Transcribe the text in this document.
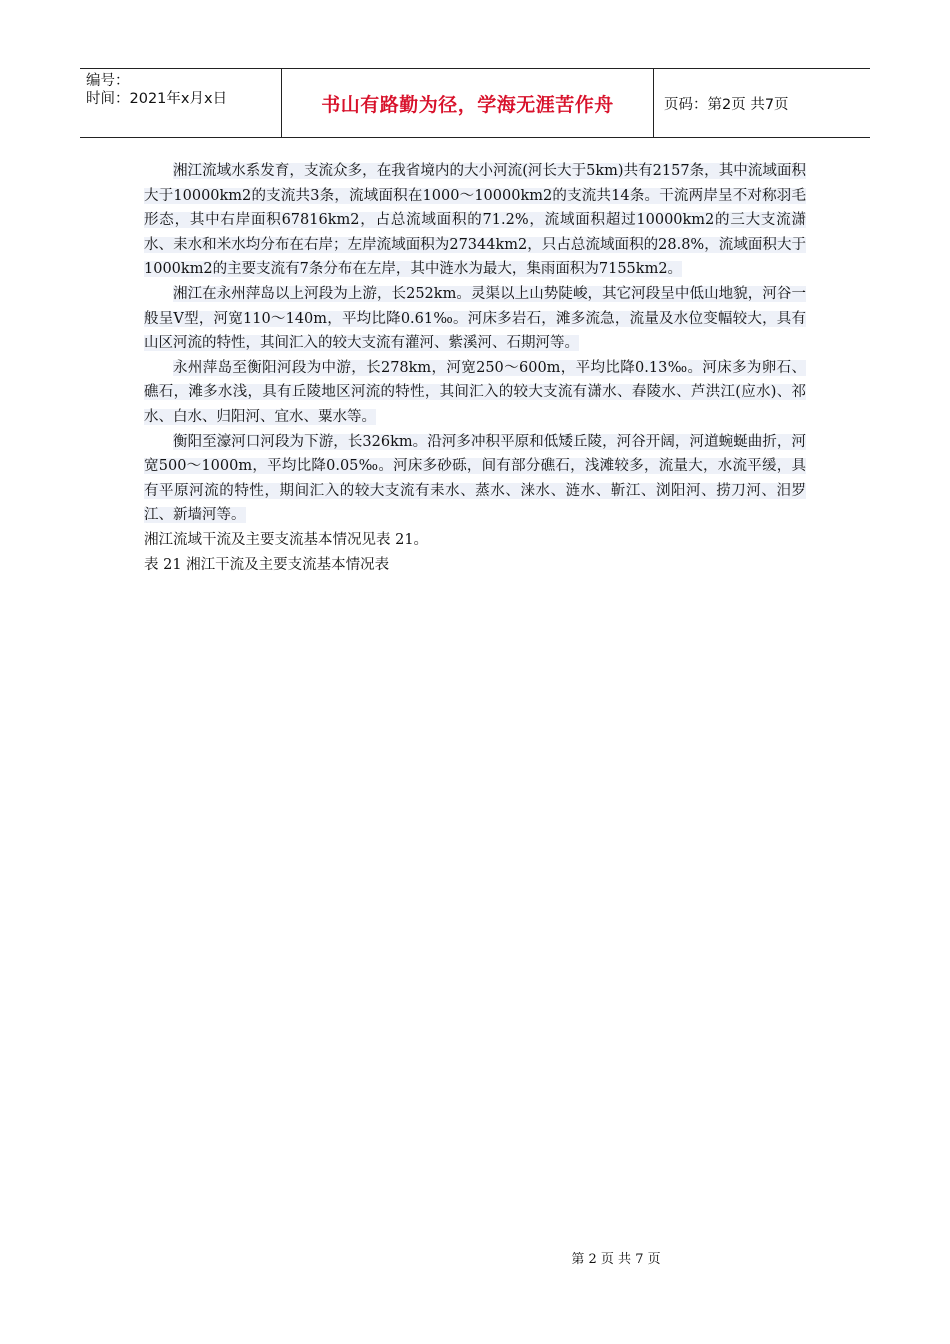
编号：
时间：2021年x月x日	书山有路勤为径，学海无涯苦作舟	页码：第2页 共7页

湘江流域水系发育，支流众多，在我省境内的大小河流(河长大于5km)共有2157条，其中流域面积大于10000km2的支流共3条，流域面积在1000～10000km2的支流共14条。干流两岸呈不对称羽毛形态，其中右岸面积67816km2，占总流域面积的71.2%，流域面积超过10000km2的三大支流潇水、耒水和米水均分布在右岸；左岸流域面积为27344km2，只占总流域面积的28.8%，流域面积大于1000km2的主要支流有7条分布在左岸，其中涟水为最大，集雨面积为7155km2。

湘江在永州萍岛以上河段为上游，长252km。灵渠以上山势陡峻，其它河段呈中低山地貌，河谷一般呈V型，河宽110～140m，平均比降0.61‰。河床多岩石，滩多流急，流量及水位变幅较大，具有山区河流的特性，其间汇入的较大支流有灌河、紫溪河、石期河等。

永州萍岛至衡阳河段为中游，长278km，河宽250～600m，平均比降0.13‰。河床多为卵石、礁石，滩多水浅，具有丘陵地区河流的特性，其间汇入的较大支流有潇水、春陵水、芦洪江(应水)、祁水、白水、归阳河、宜水、粟水等。

衡阳至濠河口河段为下游，长326km。沿河多冲积平原和低矮丘陵，河谷开阔，河道蜿蜒曲折，河宽500～1000m，平均比降0.05‰。河床多砂砾，间有部分礁石，浅滩较多，流量大，水流平缓，具有平原河流的特性，期间汇入的较大支流有耒水、蒸水、涞水、涟水、靳江、浏阳河、捞刀河、汨罗江、新墙河等。

湘江流域干流及主要支流基本情况见表 21。

表 21 湘江干流及主要支流基本情况表

第 2 页 共 7 页
